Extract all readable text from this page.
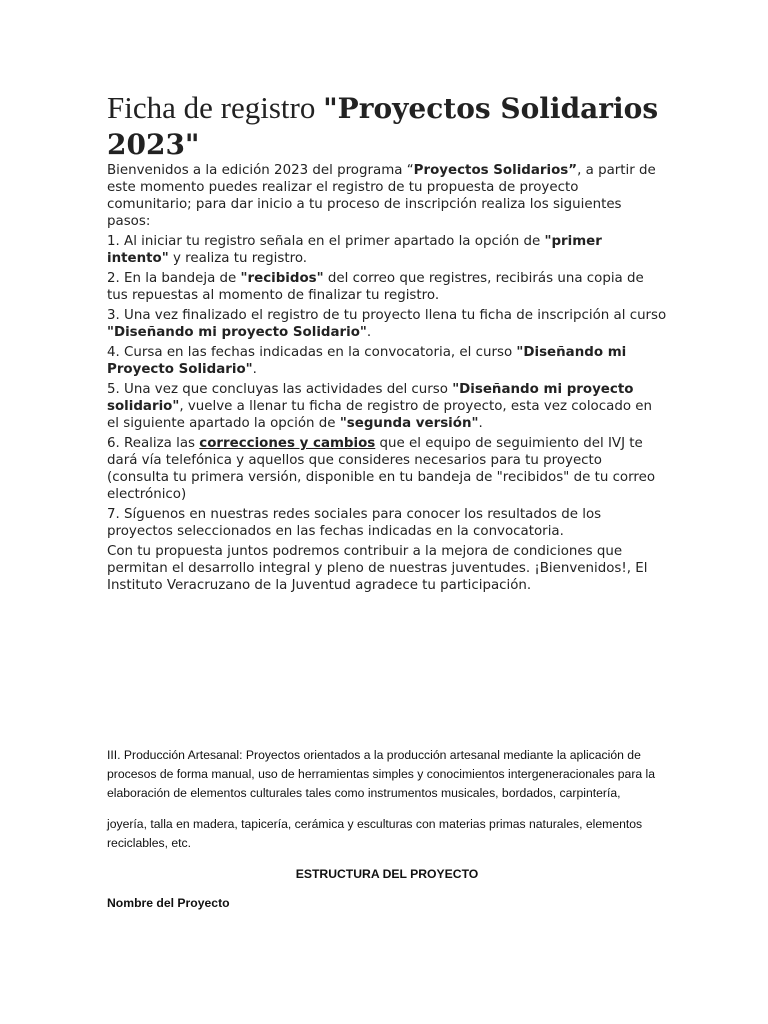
Ficha de registro "Proyectos Solidarios 2023"

Bienvenidos a la edición 2023 del programa “Proyectos Solidarios”, a partir de este momento puedes realizar el registro de tu propuesta de proyecto comunitario; para dar inicio a tu proceso de inscripción realiza los siguientes pasos:

1. Al iniciar tu registro señala en el primer apartado la opción de "primer intento" y realiza tu registro.

2. En la bandeja de "recibidos" del correo que registres, recibirás una copia de tus repuestas al momento de finalizar tu registro.

3. Una vez finalizado el registro de tu proyecto llena tu ficha de inscripción al curso "Diseñando mi proyecto Solidario".

4. Cursa en las fechas indicadas en la convocatoria, el curso "Diseñando mi Proyecto Solidario".

5. Una vez que concluyas las actividades del curso "Diseñando mi proyecto solidario", vuelve a llenar tu ficha de registro de proyecto, esta vez colocado en el siguiente apartado la opción de "segunda versión".

6. Realiza las correcciones y cambios que el equipo de seguimiento del IVJ te dará vía telefónica y aquellos que consideres necesarios para tu proyecto (consulta tu primera versión, disponible en tu bandeja de "recibidos" de tu correo electrónico)

7. Síguenos en nuestras redes sociales para conocer los resultados de los proyectos seleccionados en las fechas indicadas en la convocatoria.

Con tu propuesta juntos podremos contribuir a la mejora de condiciones que permitan el desarrollo integral y pleno de nuestras juventudes. ¡Bienvenidos!, El Instituto Veracruzano de la Juventud agradece tu participación.

III. Producción Artesanal: Proyectos orientados a la producción artesanal mediante la aplicación de procesos de forma manual, uso de herramientas simples y conocimientos intergeneracionales para la elaboración de elementos culturales tales como instrumentos musicales, bordados, carpintería,

joyería, talla en madera, tapicería, cerámica y esculturas con materias primas naturales, elementos reciclables, etc.

ESTRUCTURA DEL PROYECTO

Nombre del Proyecto
